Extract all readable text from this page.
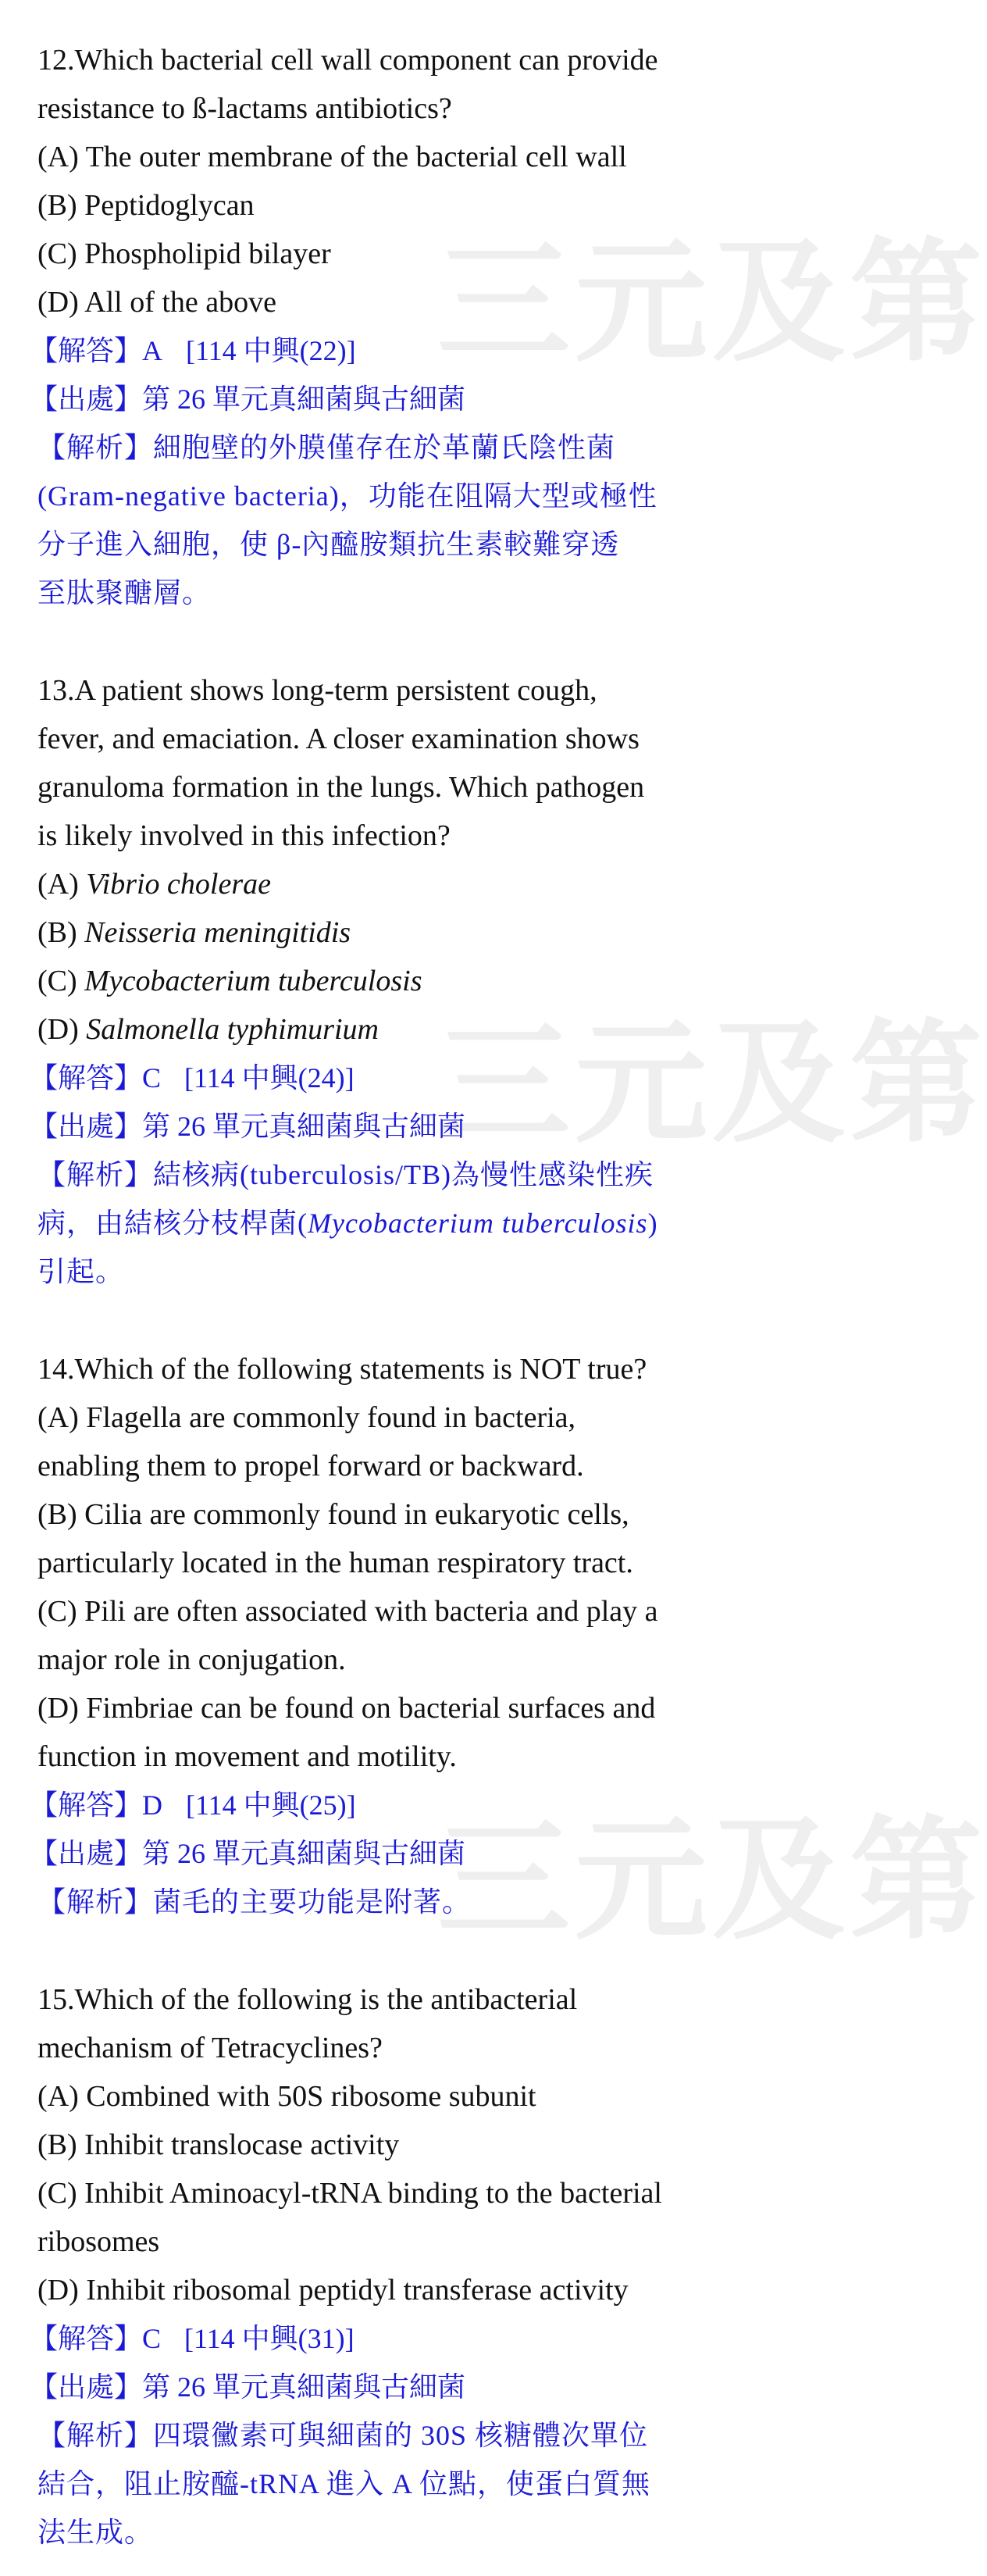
三元及第
三元及第
三元及第
12.Which bacterial cell wall component can provide
resistance to ß-lactams antibiotics?
(A) The outer membrane of the bacterial cell wall
(B) Peptidoglycan
(C) Phospholipid bilayer
(D) All of the above
【解答】A [114 中興(22)]
【出處】第 26 單元真細菌與古細菌
【解析】細胞壁的外膜僅存在於革蘭氏陰性菌
(Gram-negative bacteria)，功能在阻隔大型或極性
分子進入細胞，使 β-內醯胺類抗生素較難穿透
至肽聚醣層。
13.A patient shows long-term persistent cough,
fever, and emaciation. A closer examination shows
granuloma formation in the lungs. Which pathogen
is likely involved in this infection?
(A) Vibrio cholerae
(B) Neisseria meningitidis
(C) Mycobacterium tuberculosis
(D) Salmonella typhimurium
【解答】C [114 中興(24)]
【出處】第 26 單元真細菌與古細菌
【解析】結核病(tuberculosis/TB)為慢性感染性疾
病，由結核分枝桿菌(Mycobacterium tuberculosis)
引起。
14.Which of the following statements is NOT true?
(A) Flagella are commonly found in bacteria,
enabling them to propel forward or backward.
(B) Cilia are commonly found in eukaryotic cells,
particularly located in the human respiratory tract.
(C) Pili are often associated with bacteria and play a
major role in conjugation.
(D) Fimbriae can be found on bacterial surfaces and
function in movement and motility.
【解答】D [114 中興(25)]
【出處】第 26 單元真細菌與古細菌
【解析】菌毛的主要功能是附著。
15.Which of the following is the antibacterial
mechanism of Tetracyclines?
(A) Combined with 50S ribosome subunit
(B) Inhibit translocase activity
(C) Inhibit Aminoacyl-tRNA binding to the bacterial
ribosomes
(D) Inhibit ribosomal peptidyl transferase activity
【解答】C [114 中興(31)]
【出處】第 26 單元真細菌與古細菌
【解析】四環黴素可與細菌的 30S 核糖體次單位
結合，阻止胺醯-tRNA 進入 A 位點，使蛋白質無
法生成。
